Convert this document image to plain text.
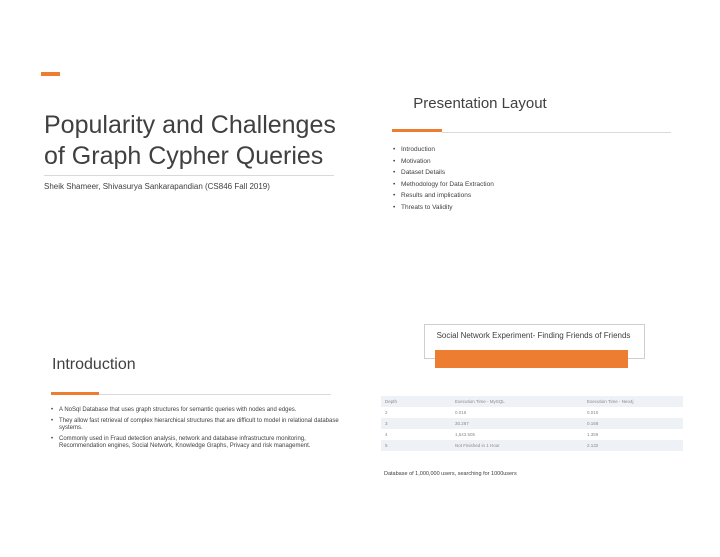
Popularity and Challenges of Graph Cypher Queries
Sheik Shameer, Shivasurya Sankarapandian (CS846 Fall 2019)
Presentation Layout
• Introduction
• Motivation
• Dataset Details
• Methodology for Data Extraction
• Results and implications
• Threats to Validity
Introduction
• A NoSql Database that uses graph structures for semantic queries with nodes and edges.
• They allow fast retrieval of complex hierarchical structures that are difficult to model in relational database systems.
• Commonly used in Fraud detection analysis, network and database infrastructure monitoring, Recommendation engines, Social Network, Knowledge Graphs, Privacy and risk management.
Social Network Experiment- Finding Friends of Friends
Depth	Execution Time - MySQL	Execution Time - Neo4j
2	0.016	0.010
3	30.267	0.168
4	1,543.505	1.359
5	Not Finished in 1 Hour	2.132
Database of 1,000,000 users, searching for 1000users
